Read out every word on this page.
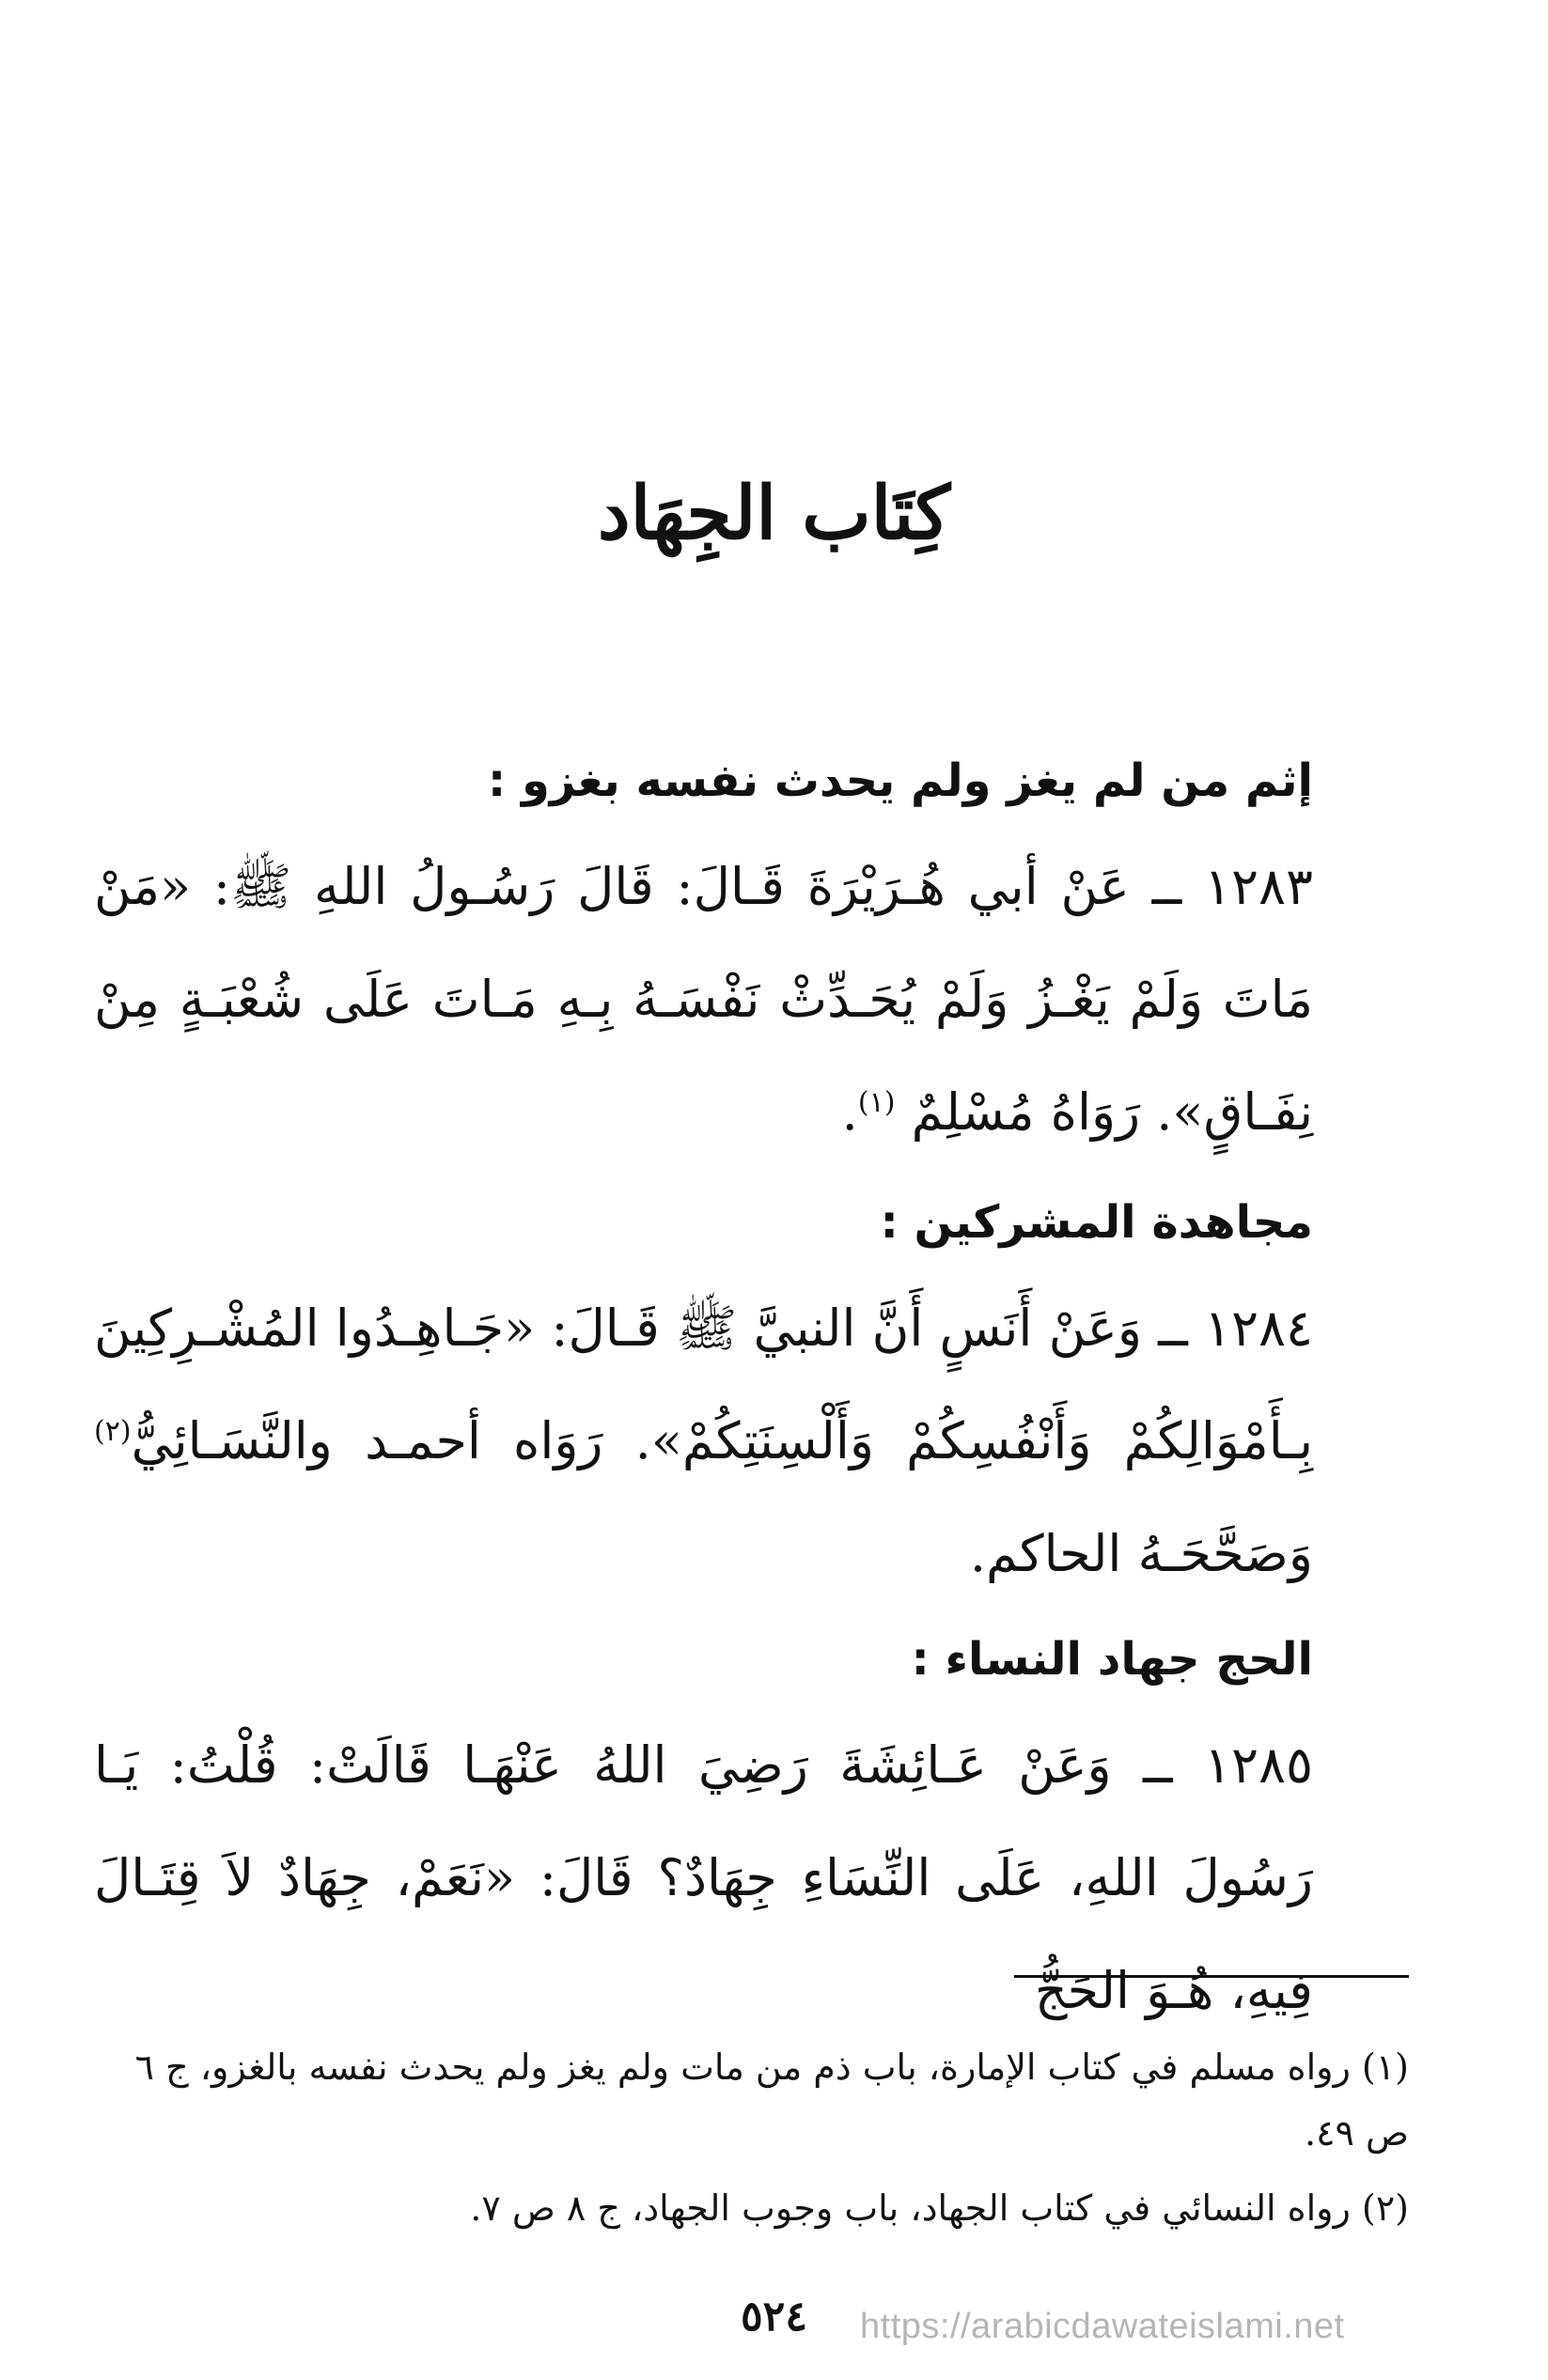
كِتَاب الجِهَاد

إثم من لم يغز ولم يحدث نفسه بغزو :

١٢٨٣ ــ عَنْ أبي هُـرَيْرَةَ قَـالَ: قَالَ رَسُـولُ اللهِ ﷺ: «مَنْ مَاتَ وَلَمْ يَغْـزُ وَلَمْ يُحَـدِّثْ نَفْسَـهُ بِـهِ مَـاتَ عَلَى شُعْبَـةٍ مِنْ نِفَـاقٍ». رَوَاهُ مُسْلِمٌ $^{(١)}$.

مجاهدة المشركين :

١٢٨٤ ــ وَعَنْ أَنَسٍ أَنَّ النبيَّ ﷺ قَـالَ: «جَـاهِـدُوا المُشْـرِكِينَ بِـأَمْوَالِكُمْ وَأَنْفُسِكُمْ وَأَلْسِنَتِكُمْ». رَوَاه أحمـد والنَّسَـائِيُّ$^{(٢)}$ وَصَحَّحَـهُ الحاكم.

الحج جهاد النساء :

١٢٨٥ ــ وَعَنْ عَـائِشَةَ رَضِيَ اللهُ عَنْهَـا قَالَتْ: قُلْتُ: يَـا رَسُولَ اللهِ، عَلَى النِّسَاءِ جِهَادٌ؟ قَالَ: «نَعَمْ، جِهَادٌ لاَ قِتَـالَ فِيهِ، هُـوَ الحَجُّ

(١) رواه مسلم في كتاب الإمارة، باب ذم من مات ولم يغز ولم يحدث نفسه بالغزو، ج ٦ ص ٤٩.

(٢) رواه النسائي في كتاب الجهاد، باب وجوب الجهاد، ج ٨ ص ٧.

٥٢٤	https://arabicdawateislami.net
